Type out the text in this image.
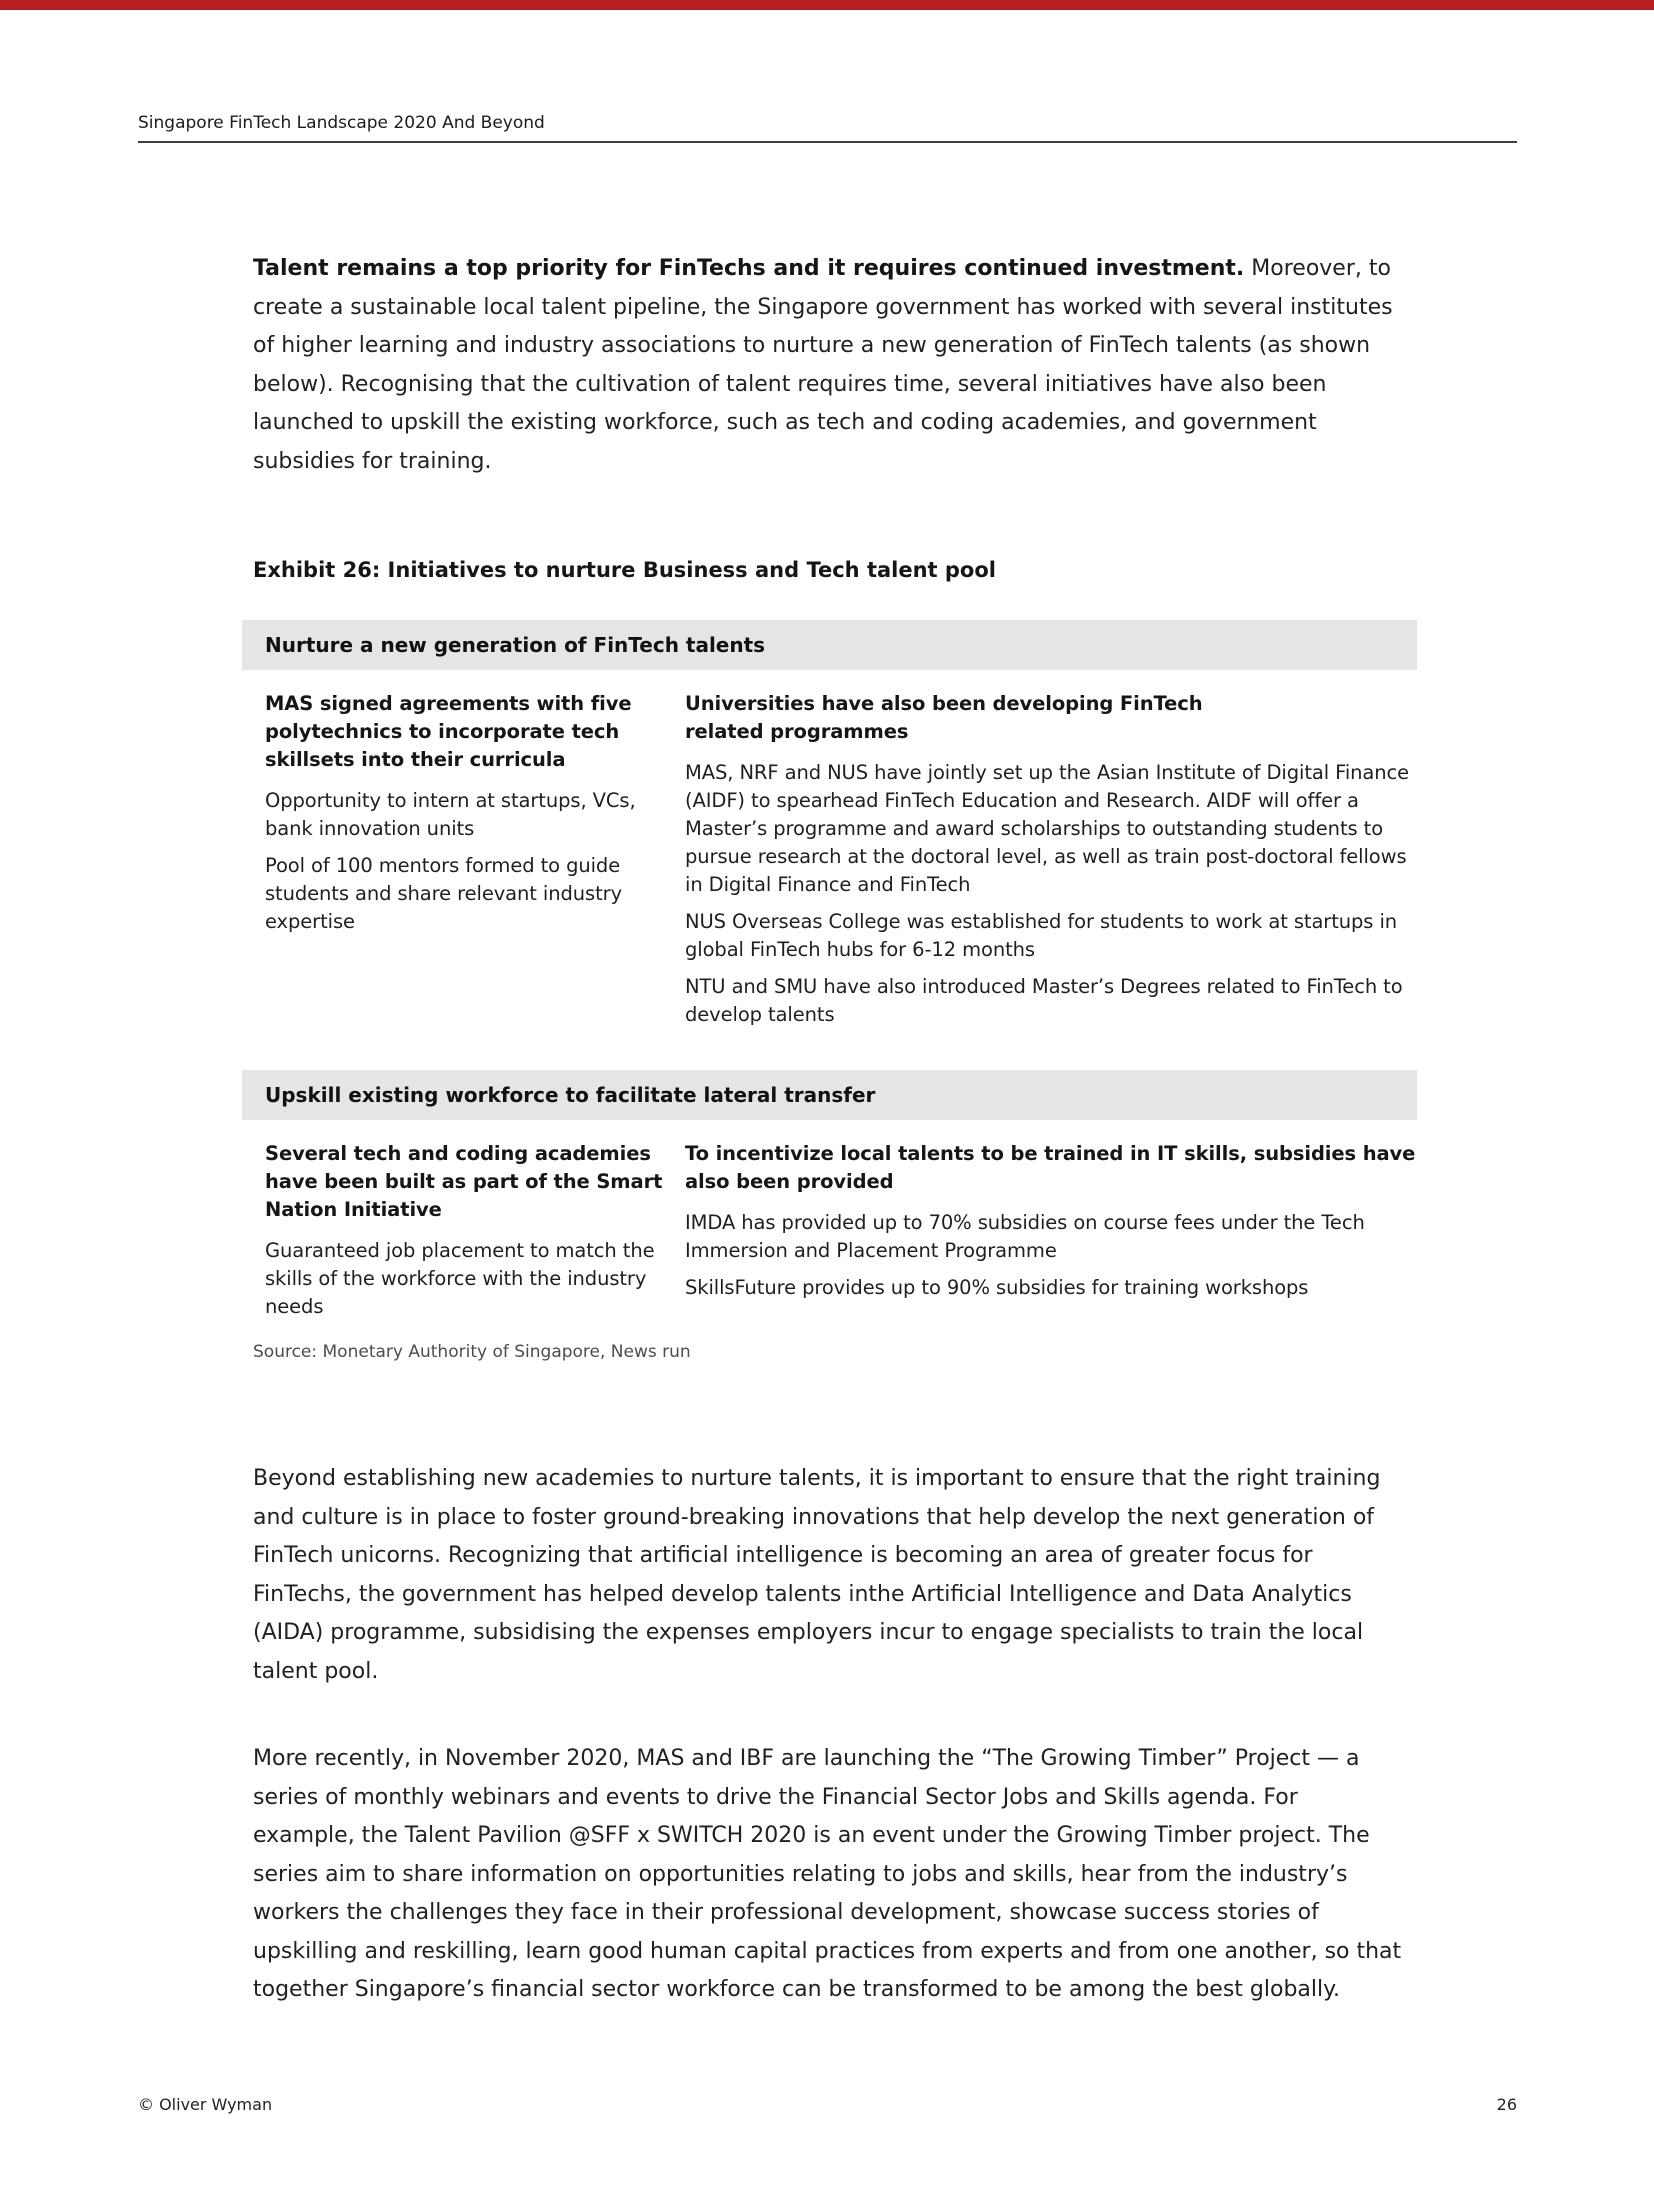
Singapore FinTech Landscape 2020 And Beyond
Talent remains a top priority for FinTechs and it requires continued investment. Moreover, to create a sustainable local talent pipeline, the Singapore government has worked with several institutes of higher learning and industry associations to nurture a new generation of FinTech talents (as shown below). Recognising that the cultivation of talent requires time, several initiatives have also been launched to upskill the existing workforce, such as tech and coding academies, and government subsidies for training.
Exhibit 26: Initiatives to nurture Business and Tech talent pool
Nurture a new generation of FinTech talents
MAS signed agreements with five polytechnics to incorporate tech skillsets into their curricula
Opportunity to intern at startups, VCs, bank innovation units
Pool of 100 mentors formed to guide students and share relevant industry expertise
Universities have also been developing FinTech related programmes
MAS, NRF and NUS have jointly set up the Asian Institute of Digital Finance (AIDF) to spearhead FinTech Education and Research. AIDF will offer a Master’s programme and award scholarships to outstanding students to pursue research at the doctoral level, as well as train post-doctoral fellows in Digital Finance and FinTech
NUS Overseas College was established for students to work at startups in global FinTech hubs for 6-12 months
NTU and SMU have also introduced Master’s Degrees related to FinTech to develop talents
Upskill existing workforce to facilitate lateral transfer
Several tech and coding academies have been built as part of the Smart Nation Initiative
Guaranteed job placement to match the skills of the workforce with the industry needs
To incentivize local talents to be trained in IT skills, subsidies have also been provided
IMDA has provided up to 70% subsidies on course fees under the Tech Immersion and Placement Programme
SkillsFuture provides up to 90% subsidies for training workshops
Source: Monetary Authority of Singapore, News run
Beyond establishing new academies to nurture talents, it is important to ensure that the right training and culture is in place to foster ground-breaking innovations that help develop the next generation of FinTech unicorns. Recognizing that artificial intelligence is becoming an area of greater focus for FinTechs, the government has helped develop talents inthe Artificial Intelligence and Data Analytics (AIDA) programme, subsidising the expenses employers incur to engage specialists to train the local talent pool.
More recently, in November 2020, MAS and IBF are launching the “The Growing Timber” Project — a series of monthly webinars and events to drive the Financial Sector Jobs and Skills agenda. For example, the Talent Pavilion @SFF x SWITCH 2020 is an event under the Growing Timber project. The series aim to share information on opportunities relating to jobs and skills, hear from the industry’s workers the challenges they face in their professional development, showcase success stories of upskilling and reskilling, learn good human capital practices from experts and from one another, so that together Singapore’s financial sector workforce can be transformed to be among the best globally.
© Oliver Wyman	26
